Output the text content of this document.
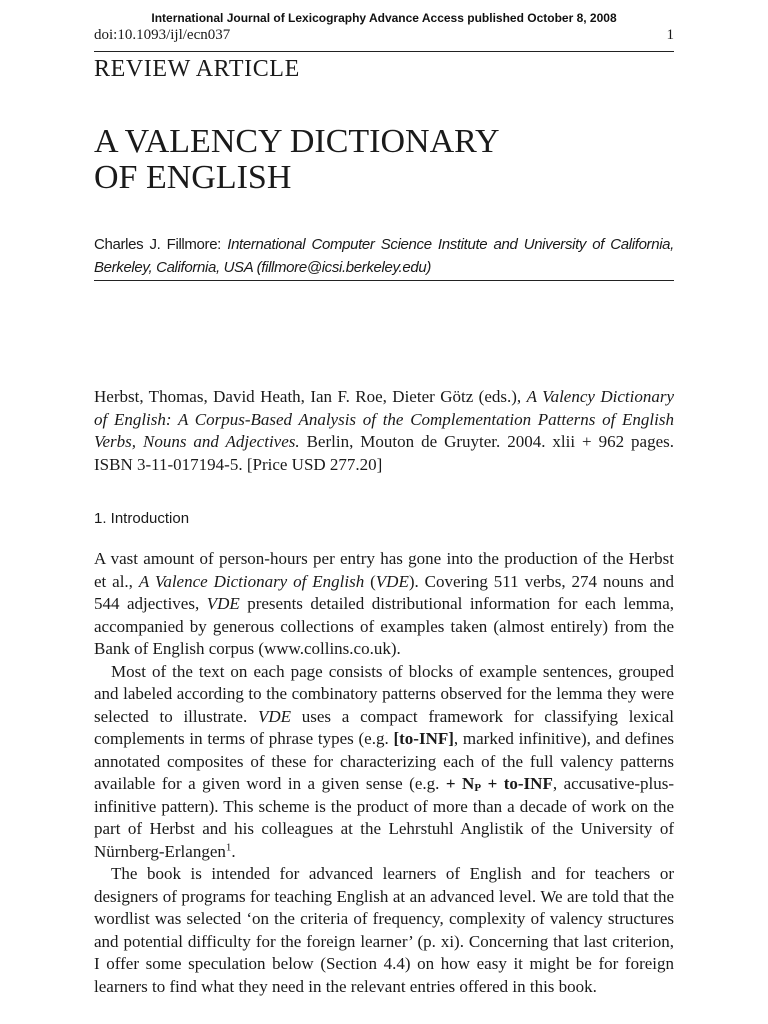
International Journal of Lexicography Advance Access published October 8, 2008
doi:10.1093/ijl/ecn037	1
REVIEW ARTICLE
A VALENCY DICTIONARY
OF ENGLISH
Charles J. Fillmore: International Computer Science Institute and University of California, Berkeley, California, USA (fillmore@icsi.berkeley.edu)
Herbst, Thomas, David Heath, Ian F. Roe, Dieter Götz (eds.), A Valency Dictionary of English: A Corpus-Based Analysis of the Complementation Patterns of English Verbs, Nouns and Adjectives. Berlin, Mouton de Gruyter. 2004. xlii + 962 pages. ISBN 3-11-017194-5. [Price USD 277.20]
1. Introduction

A vast amount of person-hours per entry has gone into the production of the Herbst et al., A Valence Dictionary of English (VDE). Covering 511 verbs, 274 nouns and 544 adjectives, VDE presents detailed distributional information for each lemma, accompanied by generous collections of examples taken (almost entirely) from the Bank of English corpus (www.collins.co.uk).

Most of the text on each page consists of blocks of example sentences, grouped and labeled according to the combinatory patterns observed for the lemma they were selected to illustrate. VDE uses a compact framework for classifying lexical complements in terms of phrase types (e.g. [to-INF], marked infinitive), and defines annotated composites of these for characterizing each of the full valency patterns available for a given word in a given sense (e.g. + $N_P + to-INF$, accusative-plus-infinitive pattern). This scheme is the product of more than a decade of work on the part of Herbst and his colleagues at the Lehrstuhl Anglistik of the University of Nürnberg-Erlangen$^1$.

The book is intended for advanced learners of English and for teachers or designers of programs for teaching English at an advanced level. We are told that the wordlist was selected ‘on the criteria of frequency, complexity of valency structures and potential difficulty for the foreign learner’ (p. xi). Concerning that last criterion, I offer some speculation below (Section 4.4) on how easy it might be for foreign learners to find what they need in the relevant entries offered in this book.
